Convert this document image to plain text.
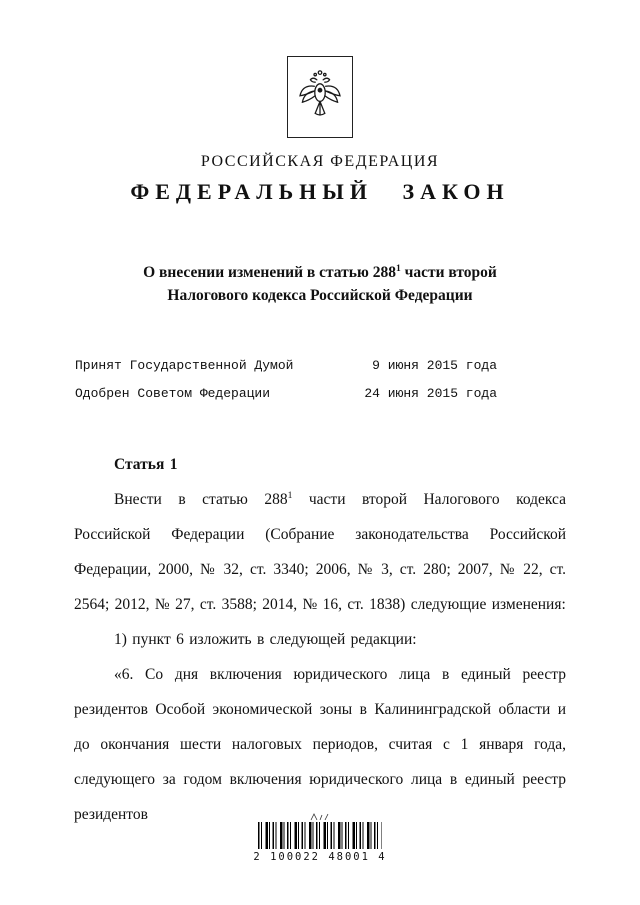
РОССИЙСКАЯ ФЕДЕРАЦИЯ
ФЕДЕРАЛЬНЫЙ ЗАКОН
О внесении изменений в статью $288^1$ части второй
Налогового кодекса Российской Федерации
Принят Государственной Думой	9 июня 2015 года
Одобрен Советом Федерации	24 июня 2015 года

Статья 1

Внести в статью $288^1$ части второй Налогового кодекса Российской Федерации (Собрание законодательства Российской Федерации, 2000, № 32, ст. 3340; 2006, № 3, ст. 280; 2007, № 22, ст. 2564; 2012, № 27, ст. 3588; 2014, № 16, ст. 1838) следующие изменения:

1) пункт 6 изложить в следующей редакции:

«6. Со дня включения юридического лица в единый реестр резидентов Особой экономической зоны в Калининградской области и до окончания шести налоговых периодов, считая с 1 января года, следующего за годом включения юридического лица в единый реестр резидентов

2 100022 48001 4
